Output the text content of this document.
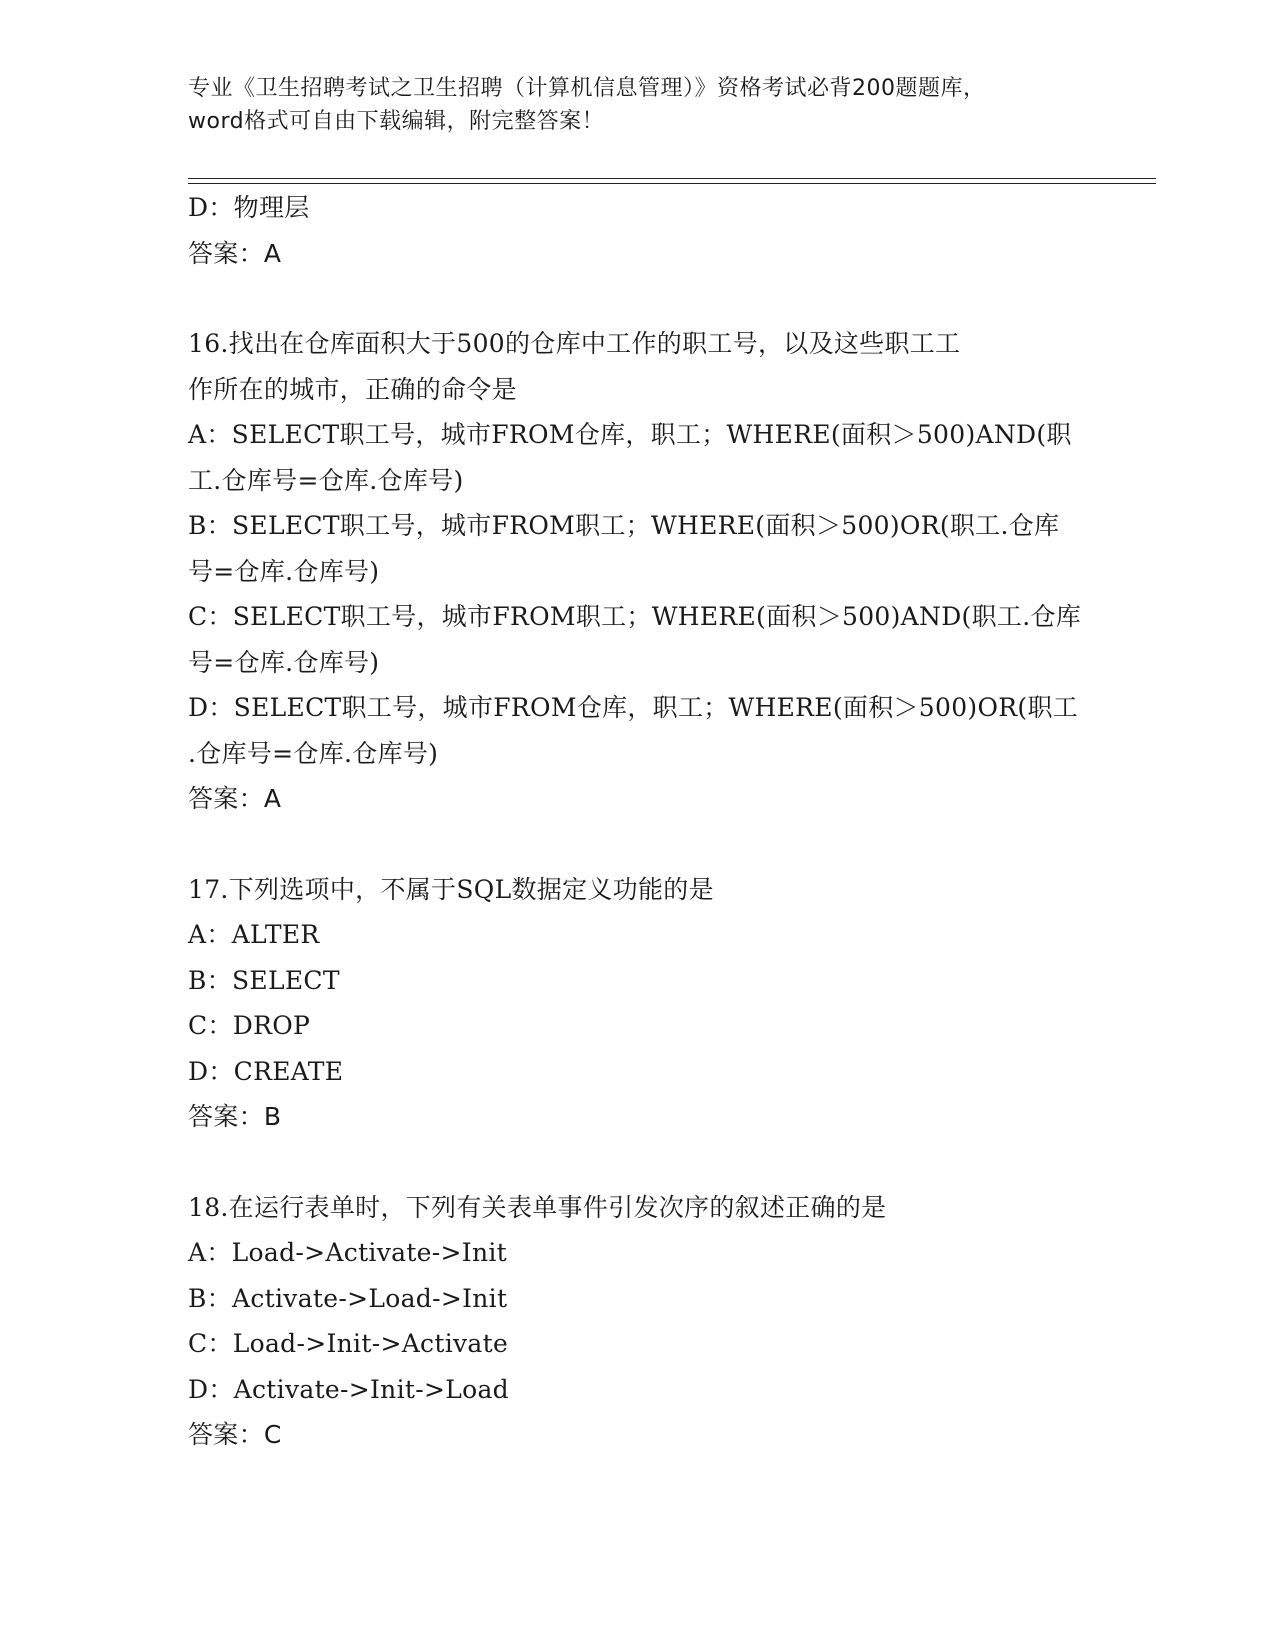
专业《卫生招聘考试之卫生招聘（计算机信息管理）》资格考试必背200题题库，
word格式可自由下载编辑，附完整答案！
D：物理层
答案：A
16.找出在仓库面积大于500的仓库中工作的职工号，以及这些职工工
作所在的城市，正确的命令是
A：SELECT职工号，城市FROM仓库，职工；WHERE(面积＞500)AND(职
工.仓库号=仓库.仓库号)
B：SELECT职工号，城市FROM职工；WHERE(面积＞500)OR(职工.仓库
号=仓库.仓库号)
C：SELECT职工号，城市FROM职工；WHERE(面积＞500)AND(职工.仓库
号=仓库.仓库号)
D：SELECT职工号，城市FROM仓库，职工；WHERE(面积＞500)OR(职工
.仓库号=仓库.仓库号)
答案：A
17.下列选项中，不属于SQL数据定义功能的是
A：ALTER
B：SELECT
C：DROP
D：CREATE
答案：B
18.在运行表单时，下列有关表单事件引发次序的叙述正确的是
A：Load->Activate->Init
B：Activate->Load->Init
C：Load->Init->Activate
D：Activate->Init->Load
答案：C
